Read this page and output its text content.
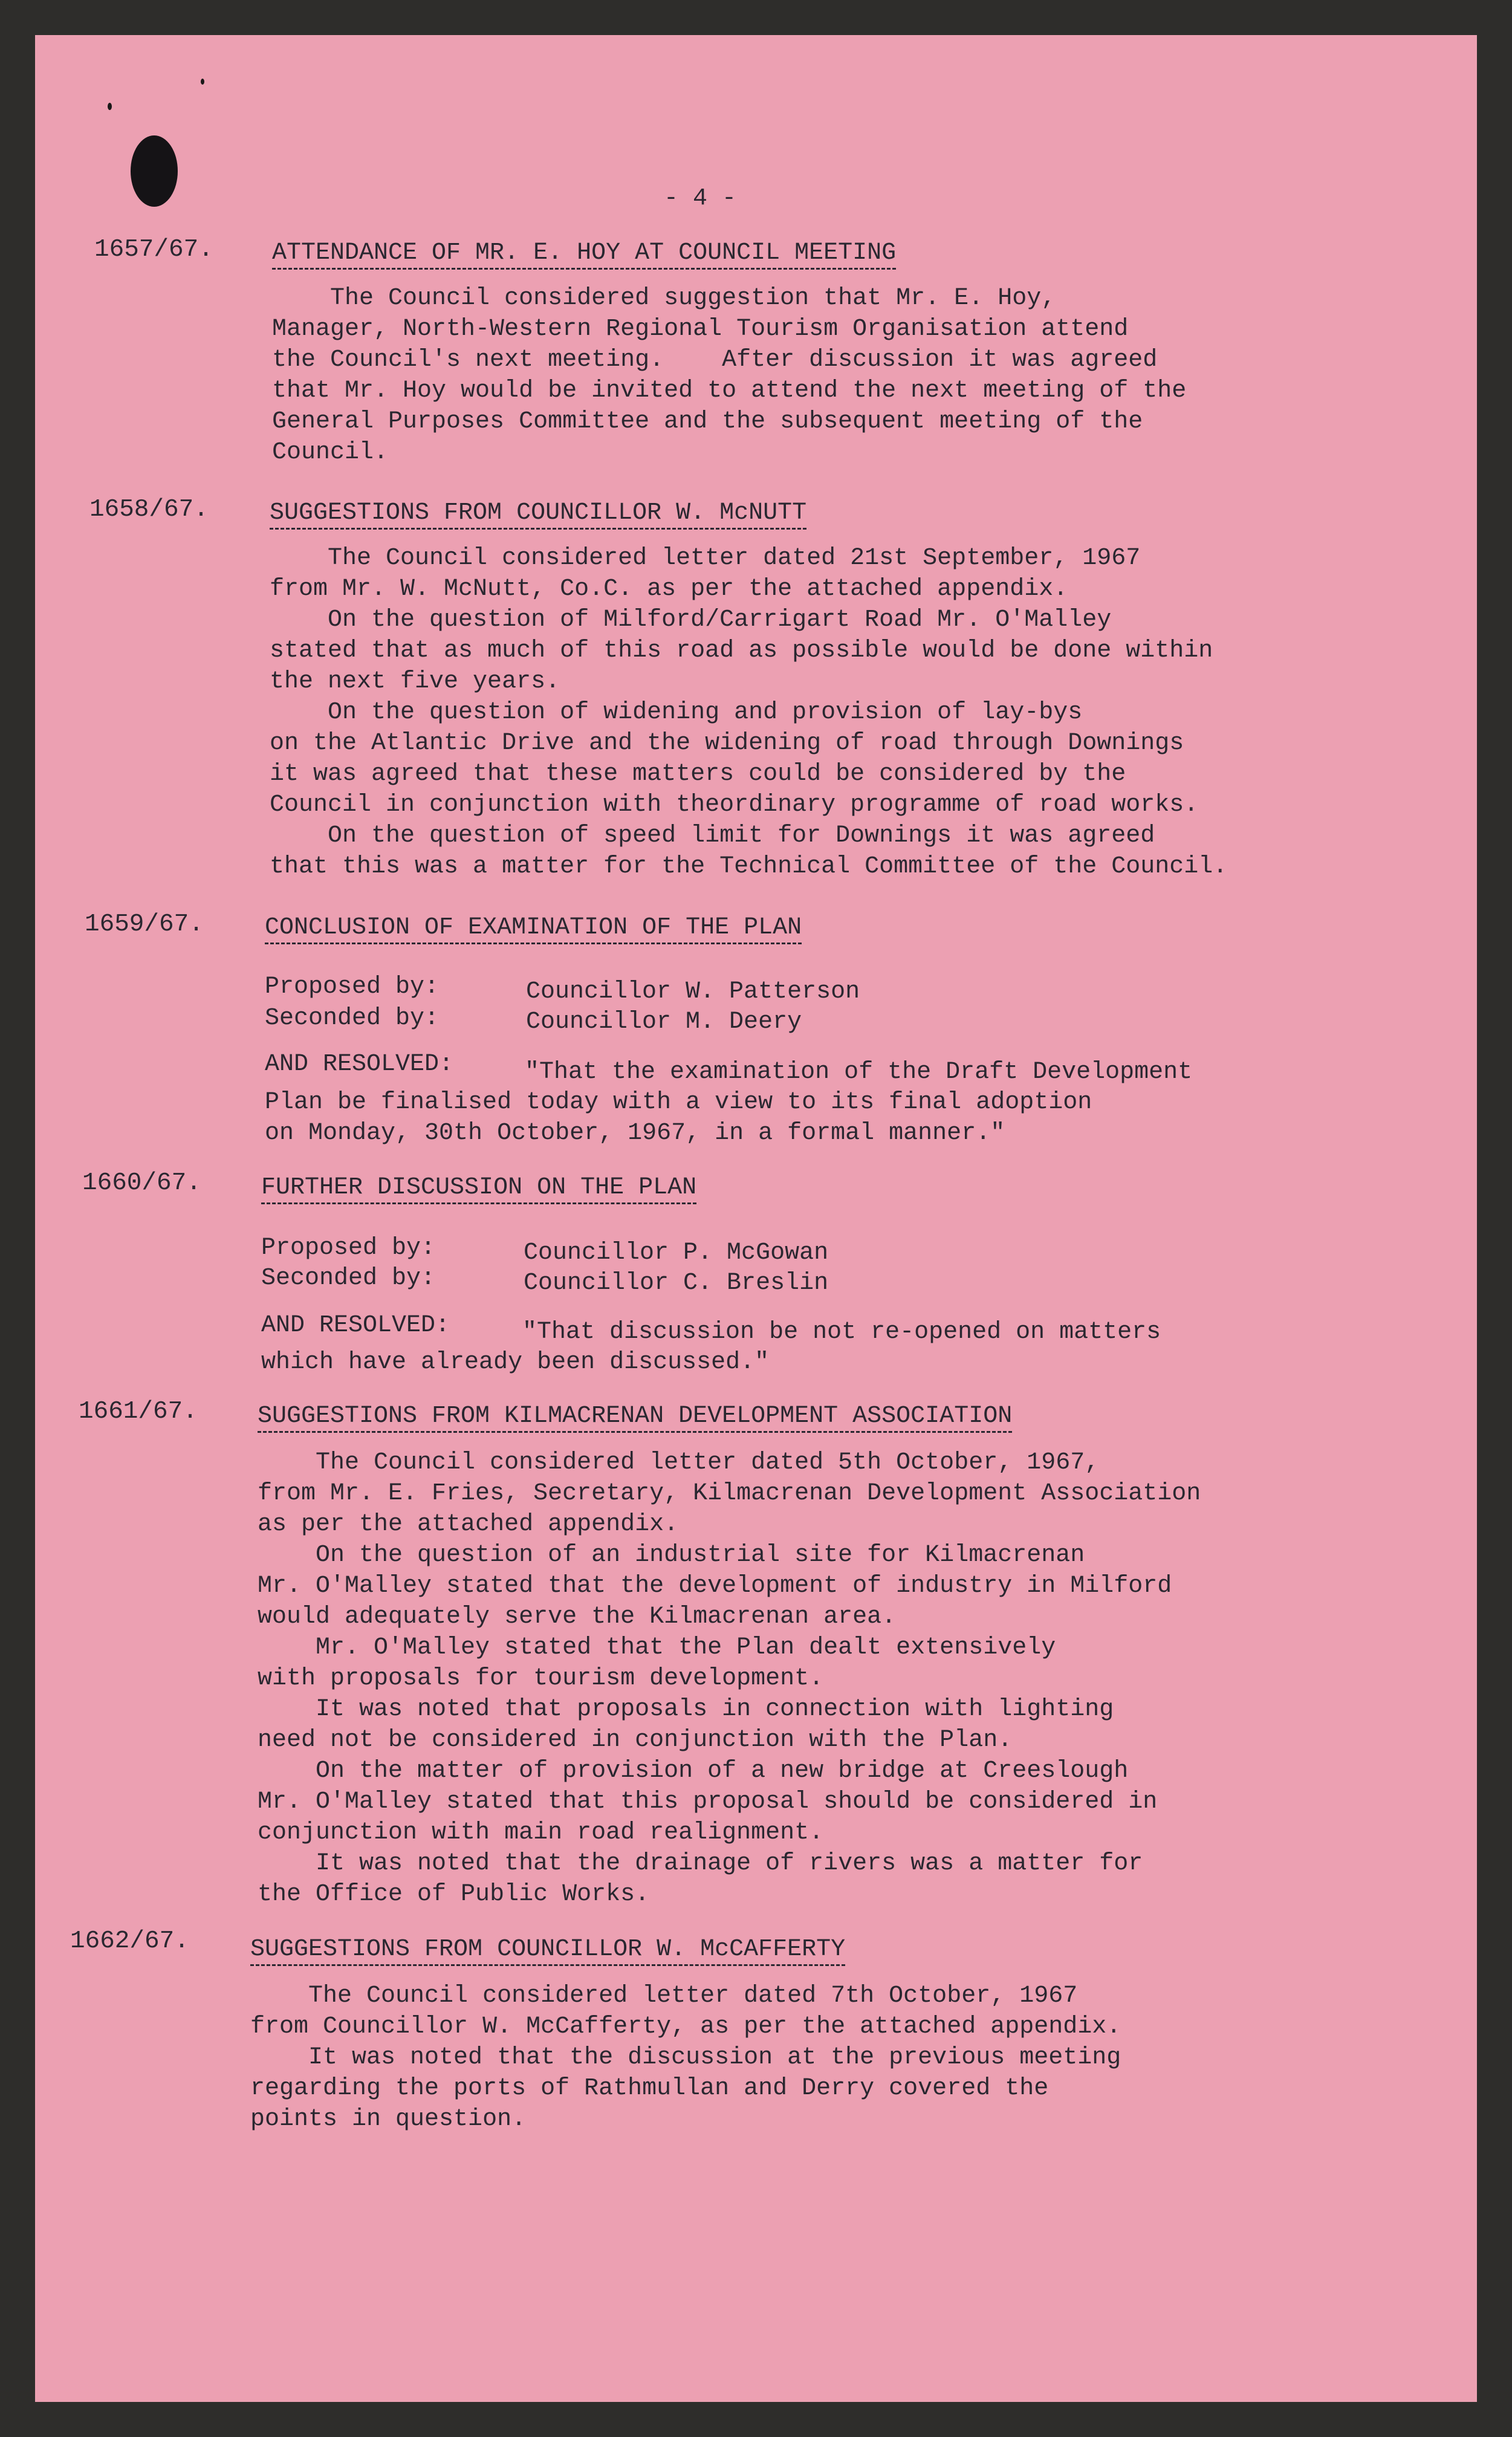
- 4 -
1657/67. ATTENDANCE OF MR. E. HOY AT COUNCIL MEETING
The Council considered suggestion that Mr. E. Hoy,
Manager, North-Western Regional Tourism Organisation attend
the Council's next meeting.    After discussion it was agreed
that Mr. Hoy would be invited to attend the next meeting of the
General Purposes Committee and the subsequent meeting of the
Council.
1658/67.	SUGGESTIONS FROM COUNCILLOR W. McNUTT
The Council considered letter dated 21st September, 1967
from Mr. W. McNutt, Co.C. as per the attached appendix.
On the question of Milford/Carrigart Road Mr. O'Malley
stated that as much of this road as possible would be done within
the next five years.
On the question of widening and provision of lay-bys
on the Atlantic Drive and the widening of road through Downings
it was agreed that these matters could be considered by the
Council in conjunction with theordinary programme of road works.
On the question of speed limit for Downings it was agreed
that this was a matter for the Technical Committee of the Council.
1659/67.	CONCLUSION OF EXAMINATION OF THE PLAN
Proposed by:	Councillor W. Patterson
Seconded by:	Councillor M. Deery
AND RESOLVED:	"That the examination of the Draft Development
Plan be finalised today with a view to its final adoption
on Monday, 30th October, 1967, in a formal manner."
1660/67. FURTHER DISCUSSION ON THE PLAN
Proposed by:	Councillor P. McGowan
Seconded by:	Councillor C. Breslin
AND RESOLVED:	"That discussion be not re-opened on matters
which have already been discussed."
1661/67. SUGGESTIONS FROM KILMACRENAN DEVELOPMENT ASSOCIATION
The Council considered letter dated 5th October, 1967,
from Mr. E. Fries, Secretary, Kilmacrenan Development Association
as per the attached appendix.
On the question of an industrial site for Kilmacrenan
Mr. O'Malley stated that the development of industry in Milford
would adequately serve the Kilmacrenan area.
Mr. O'Malley stated that the Plan dealt extensively
with proposals for tourism development.
It was noted that proposals in connection with lighting
need not be considered in conjunction with the Plan.
On the matter of provision of a new bridge at Creeslough
Mr. O'Malley stated that this proposal should be considered in
conjunction with main road realignment.
It was noted that the drainage of rivers was a matter for
the Office of Public Works.
1662/67.	SUGGESTIONS FROM COUNCILLOR W. McCAFFERTY
The Council considered letter dated 7th October, 1967
from Councillor W. McCafferty, as per the attached appendix.
It was noted that the discussion at the previous meeting
regarding the ports of Rathmullan and Derry covered the
points in question.
